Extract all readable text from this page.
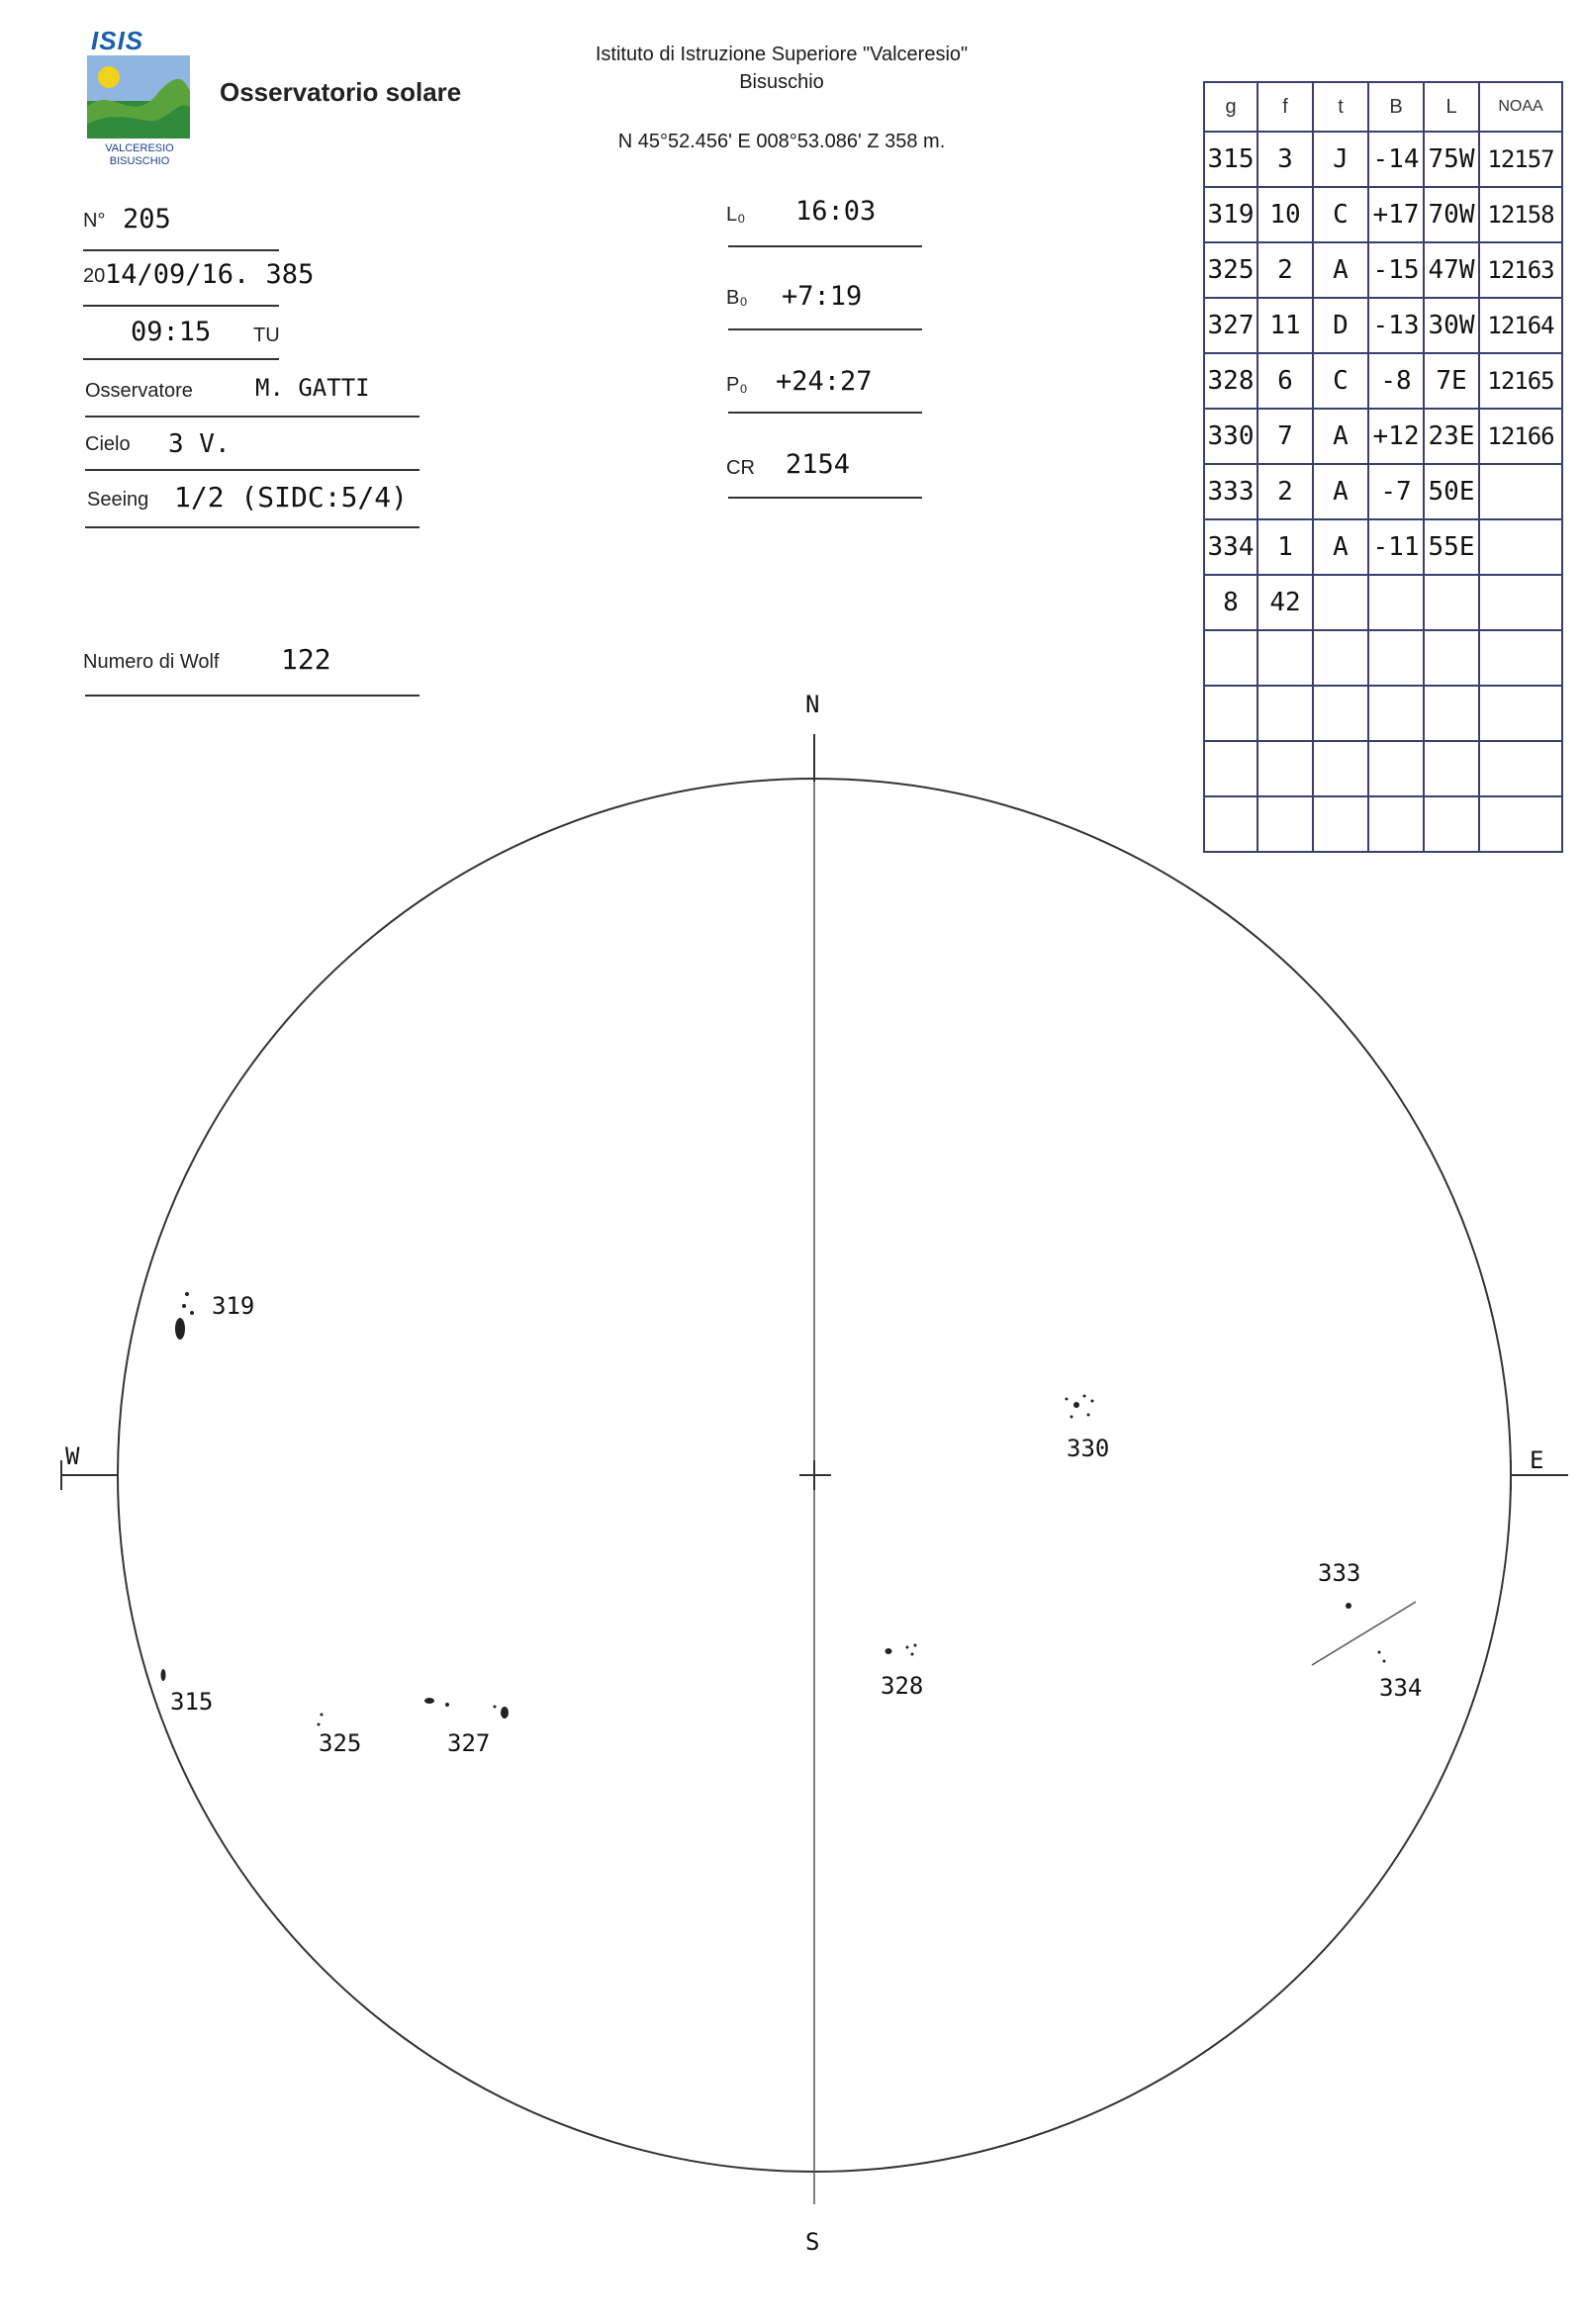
ISIS
VALCERESIO
BISUSCHIO
Osservatorio solare
Istituto di Istruzione Superiore "Valceresio"
Bisuschio
N 45°52.456' E 008°53.086' Z 358 m.
N° 205
20 14/09/16. 385
09:15 TU
Osservatore	M. GATTI
Cielo 3 V.
Seeing 1/2 (SIDC:5/4)
Numero di Wolf 122
L₀ 16:03
B₀ +7:19
P₀ +24:27
CR 2154
g	f	t	B	L	NOAA
315	3	J	-14	75W	12157
319	10	C	+17	70W	12158
325	2	A	-15	47W	12163
327	11	D	-13	30W	12164
328	6	C	-8	7E	12165
330	7	A	+12	23E	12166
333	2	A	-7	50E	
334	1	A	-11	55E	
8	42				

N
S
W	E
319
330
333
334
315
325	327
328
